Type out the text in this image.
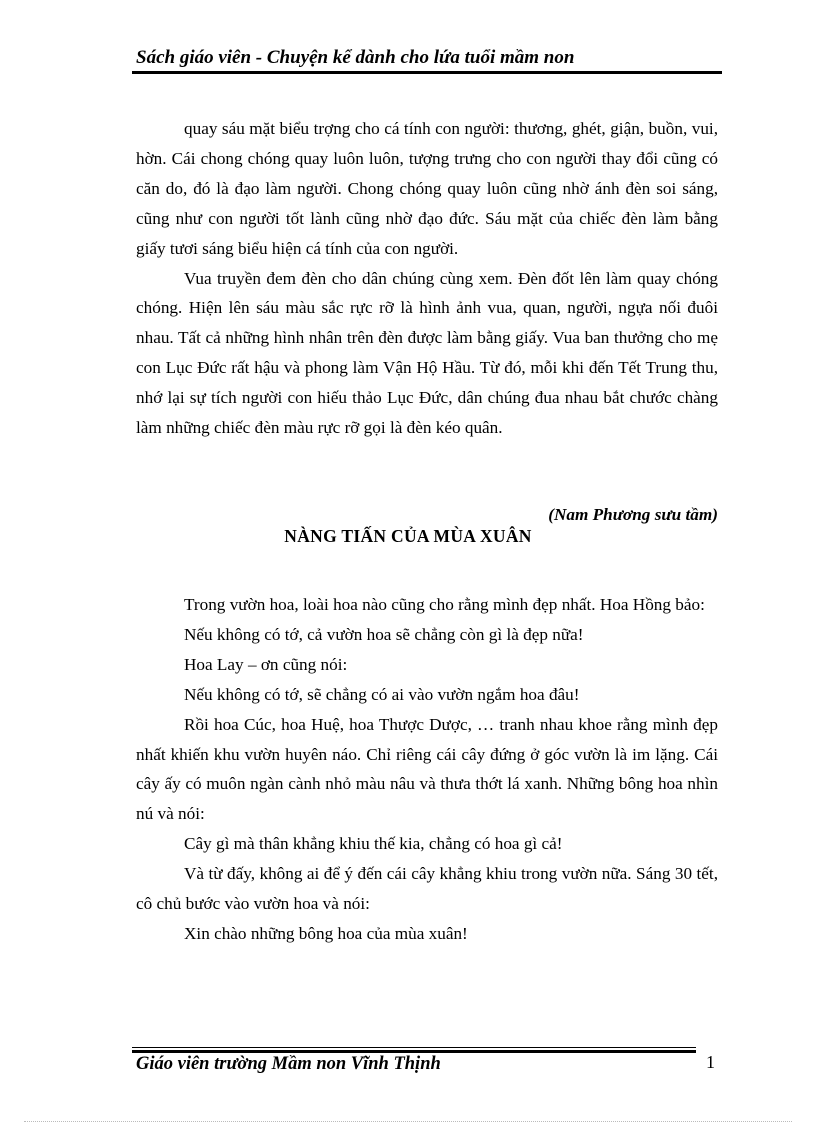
Sách giáo viên - Chuyện kể dành cho lứa tuổi mầm non

quay sáu mặt biểu trợng cho cá tính con người: thương, ghét, giận, buồn, vui, hờn. Cái chong chóng quay luôn luôn, tượng trưng cho con người thay đổi cũng có căn do, đó là đạo làm người. Chong chóng quay luôn cũng nhờ ánh đèn soi sáng, cũng như con người tốt lành cũng nhờ đạo đức. Sáu mặt của chiếc đèn làm bằng giấy tươi sáng biểu hiện cá tính của con người.

Vua truyền đem đèn cho dân chúng cùng xem. Đèn đốt lên làm quay chóng chóng. Hiện lên sáu màu sắc rực rỡ là hình ảnh vua, quan, người, ngựa nối đuôi nhau. Tất cả những hình nhân trên đèn được làm bằng giấy. Vua ban thưởng cho mẹ con Lục Đức rất hậu và phong làm Vận Hộ Hầu. Từ đó, mỗi khi đến Tết Trung thu, nhớ lại sự tích người con hiếu thảo Lục Đức, dân chúng đua nhau bắt chước chàng làm những chiếc đèn màu rực rỡ gọi là đèn kéo quân.

(Nam Phương sưu tầm)
NÀNG TIẤN CỦA MÙA XUÂN

Trong vườn hoa, loài hoa nào cũng cho rằng mình đẹp nhất. Hoa Hồng bảo:

Nếu không có tớ, cả vườn hoa sẽ chẳng còn gì là đẹp nữa!

Hoa Lay – ơn cũng nói:

Nếu không có tớ, sẽ chẳng có ai vào vườn ngắm hoa đâu!

Rồi hoa Cúc, hoa Huệ, hoa Thược Dược, … tranh nhau khoe rằng mình đẹp nhất khiến khu vườn huyên náo. Chỉ riêng cái cây đứng ở góc vườn là im lặng. Cái cây ấy có muôn ngàn cành nhỏ màu nâu và thưa thớt lá xanh. Những bông hoa nhìn nú và nói:

Cây gì mà thân khẳng khiu thế kia, chẳng có hoa gì cả!

Và từ đấy, không ai để ý đến cái cây khẳng khiu trong vườn nữa. Sáng 30 tết, cô chủ bước vào vườn hoa và nói:

Xin chào những bông hoa của mùa xuân!

Giáo viên trường Mầm non Vĩnh Thịnh	1
